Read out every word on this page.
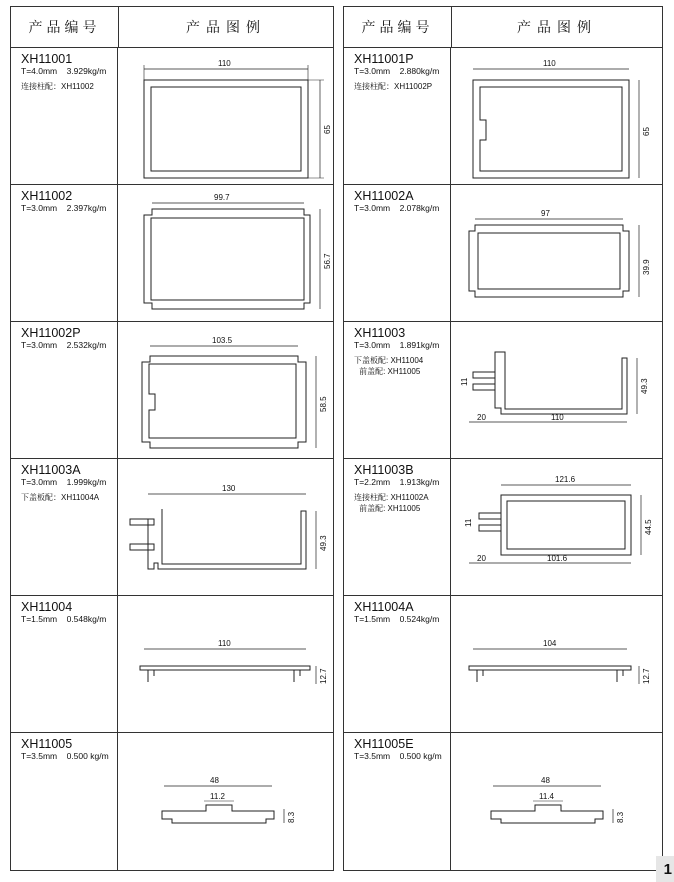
产品编号	产品图例
XH11001
T=4.0mm 3.929kg/m
连接柱配：XH11002
110
65
XH11002
T=3.0mm 2.397kg/m
99.7
56.7
XH11002P
T=3.0mm 2.532kg/m	103.5
58.5
XH11003A
T=3.0mm 1.999kg/m
下盖板配：XH11004A
130
49.3
XH11004
T=1.5mm 0.548kg/m
110
12.7
XH11005
T=3.5mm 0.500 kg/m
48
11.2
8.3
产品编号	产品图例
XH11001P
T=3.0mm 2.880kg/m
连接柱配：XH11002P
110
65
XH11002A
T=3.0mm 2.078kg/m
97
39.9
XH11003
T=3.0mm 1.891kg/m
下盖板配: XH11004
前盖配: XH11005
11	49.3
20	110
XH11003B
T=2.2mm 1.913kg/m
连接柱配: XH11002A
前盖配: XH11005
121.6
11	44.5
20	101.6
XH11004A
T=1.5mm 0.524kg/m
104
12.7
XH11005E
T=3.5mm 0.500 kg/m
48
11.4
8.3
1
